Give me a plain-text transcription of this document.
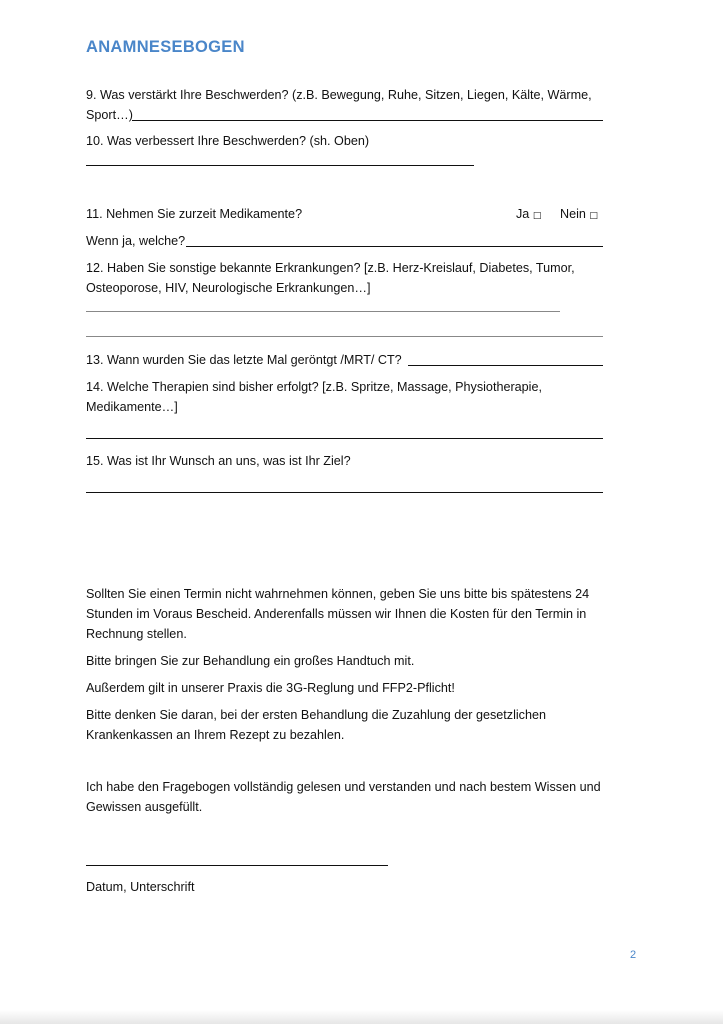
ANAMNESEBOGEN
9. Was verstärkt Ihre Beschwerden? (z.B. Bewegung, Ruhe, Sitzen, Liegen, Kälte, Wärme,
Sport…)
10. Was verbessert Ihre Beschwerden? (sh. Oben)
11. Nehmen Sie zurzeit Medikamente?	Ja □ Nein □
Wenn ja, welche?
12. Haben Sie sonstige bekannte Erkrankungen? [z.B. Herz-Kreislauf, Diabetes, Tumor,
Osteoporose, HIV, Neurologische Erkrankungen…]
13. Wann wurden Sie das letzte Mal geröntgt /MRT/ CT?
14. Welche Therapien sind bisher erfolgt? [z.B. Spritze, Massage, Physiotherapie,
Medikamente…]
15. Was ist Ihr Wunsch an uns, was ist Ihr Ziel?
Sollten Sie einen Termin nicht wahrnehmen können, geben Sie uns bitte bis spätestens 24
Stunden im Voraus Bescheid. Anderenfalls müssen wir Ihnen die Kosten für den Termin in
Rechnung stellen.
Bitte bringen Sie zur Behandlung ein großes Handtuch mit.
Außerdem gilt in unserer Praxis die 3G-Reglung und FFP2-Pflicht!
Bitte denken Sie daran, bei der ersten Behandlung die Zuzahlung der gesetzlichen
Krankenkassen an Ihrem Rezept zu bezahlen.
Ich habe den Fragebogen vollständig gelesen und verstanden und nach bestem Wissen und
Gewissen ausgefüllt.
Datum, Unterschrift
2
